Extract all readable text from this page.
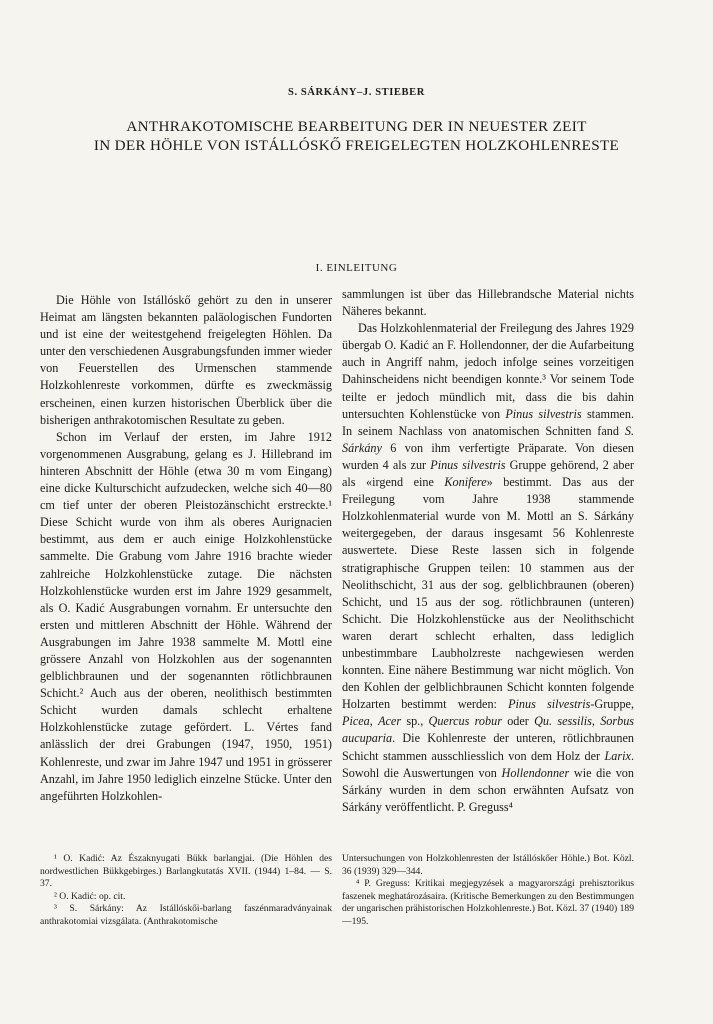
S. SÁRKÁNY–J. STIEBER
ANTHRAKOTOMISCHE BEARBEITUNG DER IN NEUESTER ZEIT
IN DER HÖHLE VON ISTÁLLÓSKŐ FREIGELEGTEN HOLZKOHLENRESTE
I. EINLEITUNG

Die Höhle von Istállóskő gehört zu den in unserer Heimat am längsten bekannten paläologischen Fundorten und ist eine der weitestgehend freigelegten Höhlen. Da unter den verschiedenen Ausgrabungsfunden immer wieder von Feuerstellen des Urmenschen stammende Holzkohlenreste vorkommen, dürfte es zweckmässig erscheinen, einen kurzen historischen Überblick über die bisherigen anthrakotomischen Resultate zu geben.

Schon im Verlauf der ersten, im Jahre 1912 vorgenommenen Ausgrabung, gelang es J. Hillebrand im hinteren Abschnitt der Höhle (etwa 30 m vom Eingang) eine dicke Kulturschicht aufzudecken, welche sich 40—80 cm tief unter der oberen Pleistozänschicht erstreckte.¹ Diese Schicht wurde von ihm als oberes Aurignacien bestimmt, aus dem er auch einige Holzkohlenstücke sammelte. Die Grabung vom Jahre 1916 brachte wieder zahlreiche Holzkohlenstücke zutage. Die nächsten Holzkohlenstücke wurden erst im Jahre 1929 gesammelt, als O. Kadić Ausgrabungen vornahm. Er untersuchte den ersten und mittleren Abschnitt der Höhle. Während der Ausgrabungen im Jahre 1938 sammelte M. Mottl eine grössere Anzahl von Holzkohlen aus der sogenannten gelblichbraunen und der sogenannten rötlichbraunen Schicht.² Auch aus der oberen, neolithisch bestimmten Schicht wurden damals schlecht erhaltene Holzkohlenstücke zutage gefördert. L. Vértes fand anlässlich der drei Grabungen (1947, 1950, 1951) Kohlenreste, und zwar im Jahre 1947 und 1951 in grösserer Anzahl, im Jahre 1950 lediglich einzelne Stücke. Unter den angeführten Holzkohlen-

sammlungen ist über das Hillebrandsche Material nichts Näheres bekannt.

Das Holzkohlenmaterial der Freilegung des Jahres 1929 übergab O. Kadić an F. Hollendonner, der die Aufarbeitung auch in Angriff nahm, jedoch infolge seines vorzeitigen Dahinscheidens nicht beendigen konnte.³ Vor seinem Tode teilte er jedoch mündlich mit, dass die bis dahin untersuchten Kohlenstücke von Pinus silvestris stammen. In seinem Nachlass von anatomischen Schnitten fand S. Sárkány 6 von ihm verfertigte Präparate. Von diesen wurden 4 als zur Pinus silvestris Gruppe gehörend, 2 aber als «irgend eine Konifere» bestimmt. Das aus der Freilegung vom Jahre 1938 stammende Holzkohlenmaterial wurde von M. Mottl an S. Sárkány weitergegeben, der daraus insgesamt 56 Kohlenreste auswertete. Diese Reste lassen sich in folgende stratigraphische Gruppen teilen: 10 stammen aus der Neolithschicht, 31 aus der sog. gelblichbraunen (oberen) Schicht, und 15 aus der sog. rötlichbraunen (unteren) Schicht. Die Holzkohlenstücke aus der Neolithschicht waren derart schlecht erhalten, dass lediglich unbestimmbare Laubholzreste nachgewiesen werden konnten. Eine nähere Bestimmung war nicht möglich. Von den Kohlen der gelblichbraunen Schicht konnten folgende Holzarten bestimmt werden: Pinus silvestris-Gruppe, Picea, Acer sp., Quercus robur oder Qu. sessilis, Sorbus aucuparia. Die Kohlenreste der unteren, rötlichbraunen Schicht stammen ausschliesslich von dem Holz der Larix. Sowohl die Auswertungen von Hollendonner wie die von Sárkány wurden in dem schon erwähnten Aufsatz von Sárkány veröffentlicht. P. Greguss⁴

¹ O. Kadić: Az Északnyugati Bükk barlangjai. (Die Höhlen des nordwestlichen Bükkgebirges.) Barlangkutatás XVII. (1944) 1–84. — S. 37.

² O. Kadić: op. cit.

³ S. Sárkány: Az Istállóskői-barlang faszénmaradványainak anthrakotomiai vizsgálata. (Anthrakotomische

Untersuchungen von Holzkohlenresten der Istállóskőer Höhle.) Bot. Közl. 36 (1939) 329—344.

⁴ P. Greguss: Kritikai megjegyzések a magyarországi prehisztorikus faszenek meghatározásaira. (Kritische Bemerkungen zu den Bestimmungen der ungarischen prähistorischen Holzkohlenreste.) Bot. Közl. 37 (1940) 189—195.
